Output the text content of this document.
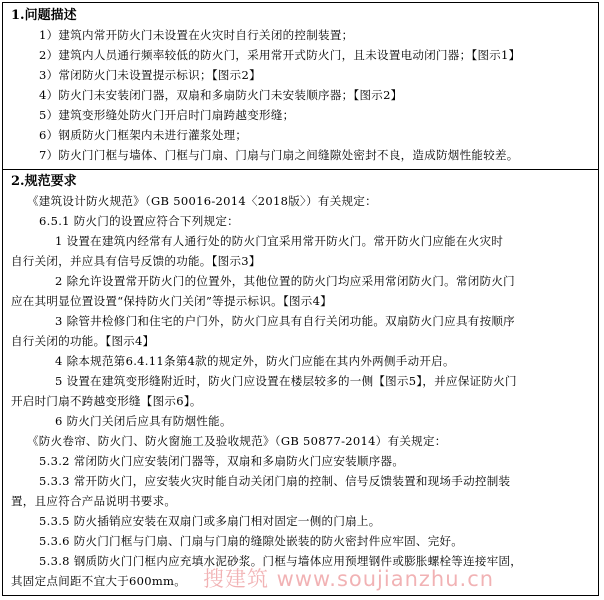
1.问题描述
1）建筑内常开防火门未设置在火灾时自行关闭的控制装置；
2）建筑内人员通行频率较低的防火门，采用常开式防火门，且未设置电动闭门器；【图示1】
3）常闭防火门未设置提示标识；【图示2】
4）防火门未安装闭门器，双扇和多扇防火门未安装顺序器；【图示2】
5）建筑变形缝处防火门开启时门扇跨越变形缝；
6）钢质防火门框架内未进行灌浆处理；
7）防火门门框与墙体、门框与门扇、门扇与门扇之间缝隙处密封不良，造成防烟性能较差。
2.规范要求
《建筑设计防火规范》（GB 50016-2014〈2018版〉）有关规定：
6.5.1 防火门的设置应符合下列规定：
1 设置在建筑内经常有人通行处的防火门宜采用常开防火门。常开防火门应能在火灾时
自行关闭，并应具有信号反馈的功能。【图示3】
2 除允许设置常开防火门的位置外，其他位置的防火门均应采用常闭防火门。常闭防火门
应在其明显位置设置“保持防火门关闭”等提示标识。【图示4】
3 除管井检修门和住宅的户门外，防火门应具有自行关闭功能。双扇防火门应具有按顺序
自行关闭的功能。【图示4】
4 除本规范第6.4.11条第4款的规定外，防火门应能在其内外两侧手动开启。
5 设置在建筑变形缝附近时，防火门应设置在楼层较多的一侧【图示5】，并应保证防火门
开启时门扇不跨越变形缝【图示6】。
6 防火门关闭后应具有防烟性能。
《防火卷帘、防火门、防火窗施工及验收规范》（GB 50877-2014）有关规定：
5.3.2 常闭防火门应安装闭门器等，双扇和多扇防火门应安装顺序器。
5.3.3 常开防火门，应安装火灾时能自动关闭门扇的控制、信号反馈装置和现场手动控制装
置，且应符合产品说明书要求。
5.3.5 防火插销应安装在双扇门或多扇门相对固定一侧的门扇上。
5.3.6 防火门门框与门扇、门扇与门扇的缝隙处嵌装的防火密封件应牢固、完好。
5.3.8 钢质防火门门框内应充填水泥砂浆。门框与墙体应用预埋钢件或膨胀螺栓等连接牢固，
其固定点间距不宜大于600mm。 搜建筑 www.soujianzhu.cn
